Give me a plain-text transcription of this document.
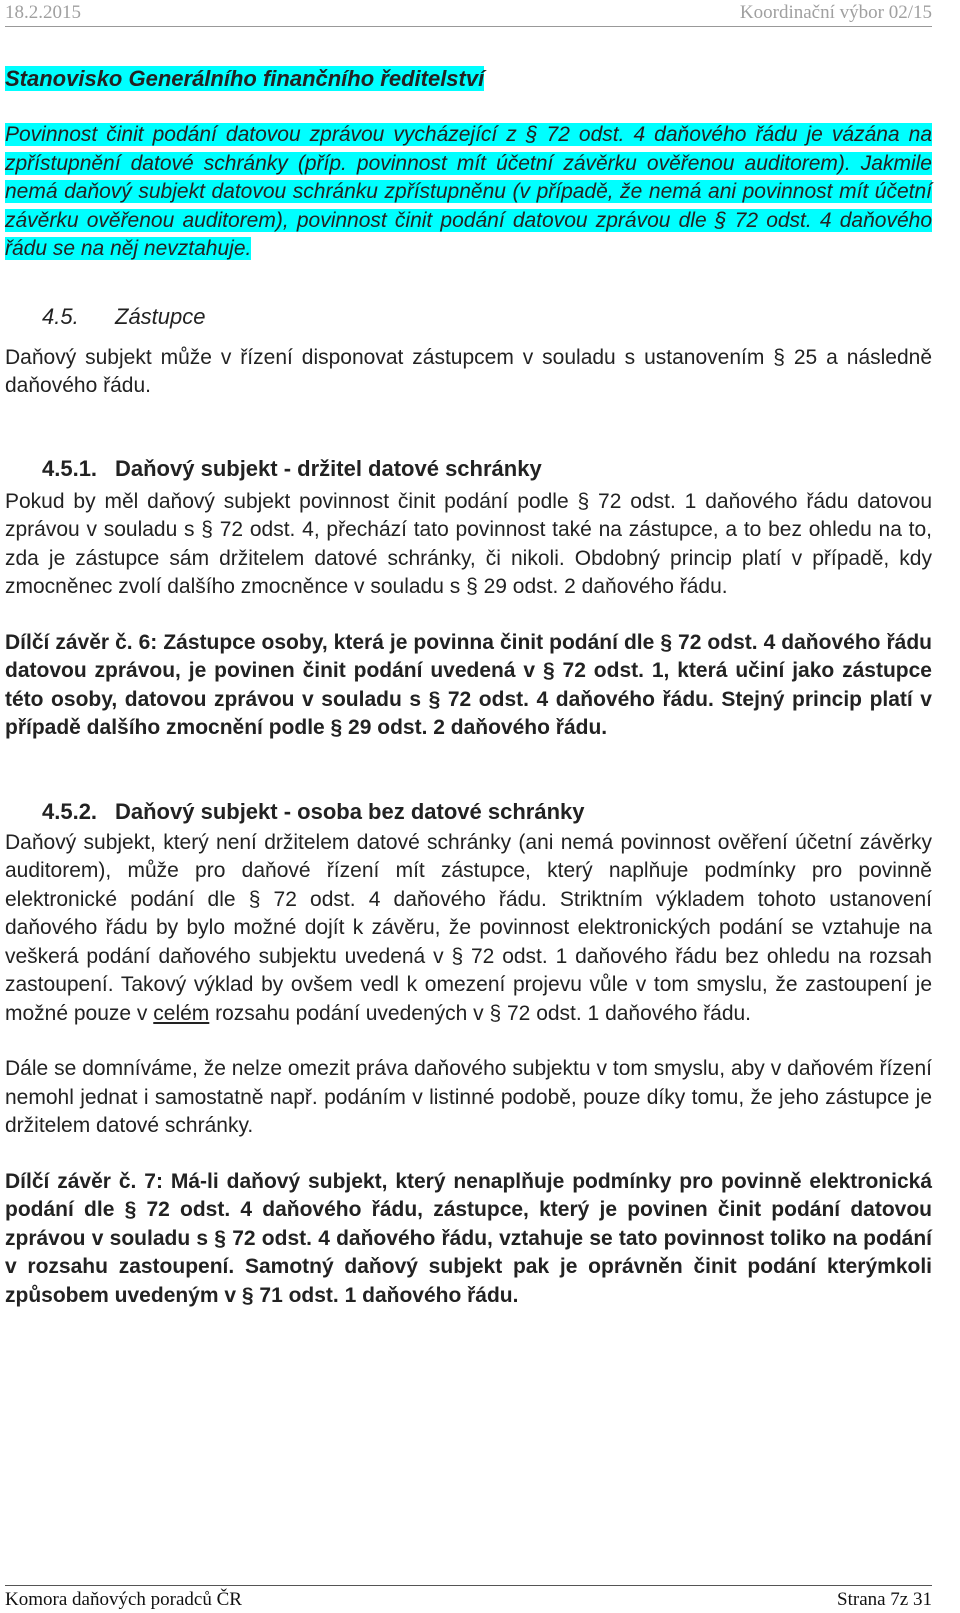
18.2.2015	Koordinační výbor 02/15

Stanovisko Generálního finančního ředitelství

Povinnost činit podání datovou zprávou vycházející z § 72 odst. 4 daňového řádu je vázána na zpřístupnění datové schránky (příp. povinnost mít účetní závěrku ověřenou auditorem). Jakmile nemá daňový subjekt datovou schránku zpřístupněnu (v případě, že nemá ani povinnost mít účetní závěrku ověřenou auditorem), povinnost činit podání datovou zprávou dle § 72 odst. 4 daňového řádu se na něj nevztahuje.

4.5. Zástupce

Daňový subjekt může v řízení disponovat zástupcem v souladu s ustanovením § 25 a následně daňového řádu.

4.5.1. Daňový subjekt - držitel datové schránky

Pokud by měl daňový subjekt povinnost činit podání podle § 72 odst. 1 daňového řádu datovou zprávou v souladu s § 72 odst. 4, přechází tato povinnost také na zástupce, a to bez ohledu na to, zda je zástupce sám držitelem datové schránky, či nikoli. Obdobný princip platí v případě, kdy zmocněnec zvolí dalšího zmocněnce v souladu s § 29 odst. 2 daňového řádu.

Dílčí závěr č. 6: Zástupce osoby, která je povinna činit podání dle § 72 odst. 4 daňového řádu datovou zprávou, je povinen činit podání uvedená v § 72 odst. 1, která učiní jako zástupce této osoby, datovou zprávou v souladu s § 72 odst. 4 daňového řádu. Stejný princip platí v případě dalšího zmocnění podle § 29 odst. 2 daňového řádu.

4.5.2. Daňový subjekt - osoba bez datové schránky

Daňový subjekt, který není držitelem datové schránky (ani nemá povinnost ověření účetní závěrky auditorem), může pro daňové řízení mít zástupce, který naplňuje podmínky pro povinně elektronické podání dle § 72 odst. 4 daňového řádu. Striktním výkladem tohoto ustanovení daňového řádu by bylo možné dojít k závěru, že povinnost elektronických podání se vztahuje na veškerá podání daňového subjektu uvedená v § 72 odst. 1 daňového řádu bez ohledu na rozsah zastoupení. Takový výklad by ovšem vedl k omezení projevu vůle v tom smyslu, že zastoupení je možné pouze v celém rozsahu podání uvedených v § 72 odst. 1 daňového řádu.

Dále se domníváme, že nelze omezit práva daňového subjektu v tom smyslu, aby v daňovém řízení nemohl jednat i samostatně např. podáním v listinné podobě, pouze díky tomu, že jeho zástupce je držitelem datové schránky.

Dílčí závěr č. 7: Má-li daňový subjekt, který nenaplňuje podmínky pro povinně elektronická podání dle § 72 odst. 4 daňového řádu, zástupce, který je povinen činit podání datovou zprávou v souladu s § 72 odst. 4 daňového řádu, vztahuje se tato povinnost toliko na podání v rozsahu zastoupení. Samotný daňový subjekt pak je oprávněn činit podání kterýmkoli způsobem uvedeným v § 71 odst. 1 daňového řádu.

Komora daňových poradců ČR	Strana 7z 31
